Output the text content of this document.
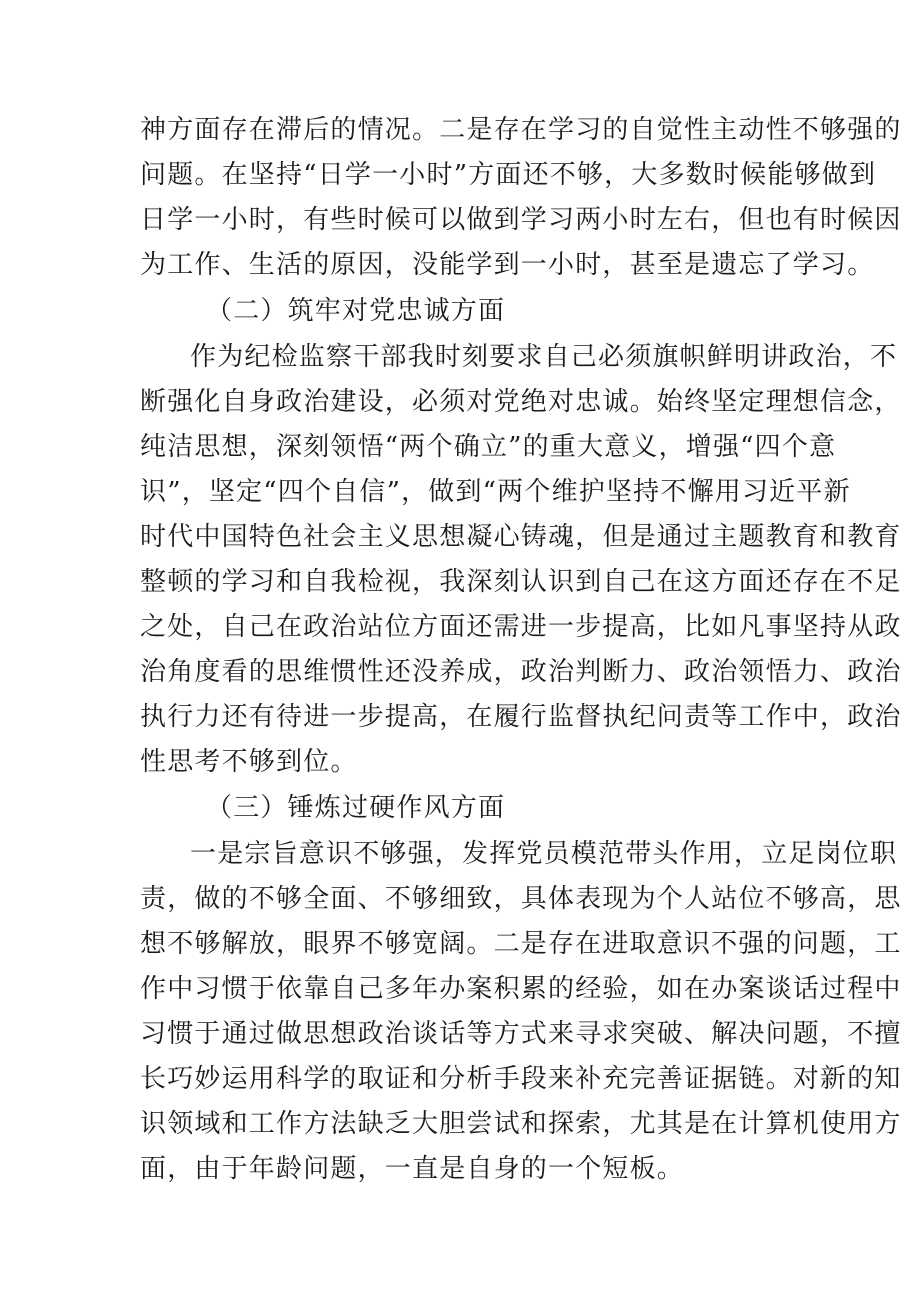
神方面存在滞后的情况。二是存在学习的自觉性主动性不够强的
问题。在坚持“日学一小时”方面还不够，大多数时候能够做到
日学一小时，有些时候可以做到学习两小时左右，但也有时候因
为工作、生活的原因，没能学到一小时，甚至是遗忘了学习。
（二）筑牢对党忠诚方面
作为纪检监察干部我时刻要求自己必须旗帜鲜明讲政治，不
断强化自身政治建设，必须对党绝对忠诚。始终坚定理想信念，
纯洁思想，深刻领悟“两个确立”的重大意义，增强“四个意
识”，坚定“四个自信”，做到“两个维护坚持不懈用习近平新
时代中国特色社会主义思想凝心铸魂，但是通过主题教育和教育
整顿的学习和自我检视，我深刻认识到自己在这方面还存在不足
之处，自己在政治站位方面还需进一步提高，比如凡事坚持从政
治角度看的思维惯性还没养成，政治判断力、政治领悟力、政治
执行力还有待进一步提高，在履行监督执纪问责等工作中，政治
性思考不够到位。
（三）锤炼过硬作风方面
一是宗旨意识不够强，发挥党员模范带头作用，立足岗位职
责，做的不够全面、不够细致，具体表现为个人站位不够高，思
想不够解放，眼界不够宽阔。二是存在进取意识不强的问题，工
作中习惯于依靠自己多年办案积累的经验，如在办案谈话过程中
习惯于通过做思想政治谈话等方式来寻求突破、解决问题，不擅
长巧妙运用科学的取证和分析手段来补充完善证据链。对新的知
识领域和工作方法缺乏大胆尝试和探索，尤其是在计算机使用方
面，由于年龄问题，一直是自身的一个短板。
